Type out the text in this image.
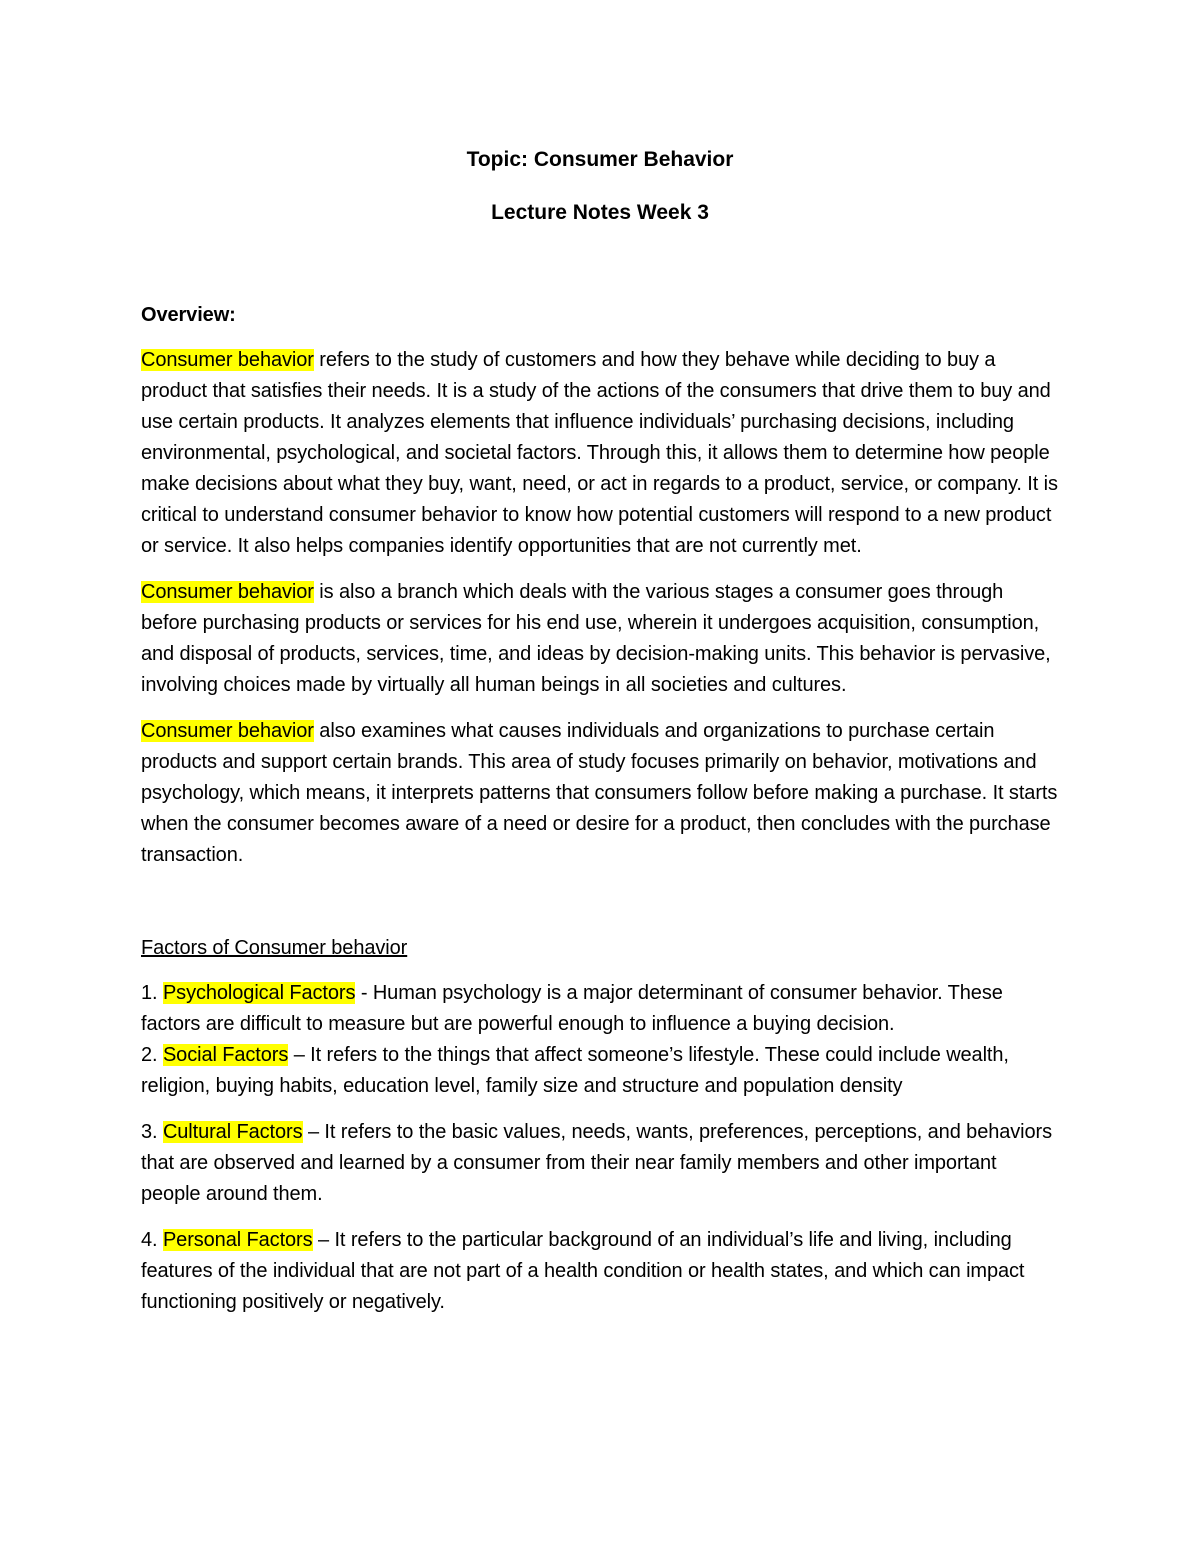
Topic: Consumer Behavior
Lecture Notes Week 3

Overview:

Consumer behavior refers to the study of customers and how they behave while deciding to buy a product that satisfies their needs. It is a study of the actions of the consumers that drive them to buy and use certain products. It analyzes elements that influence individuals’ purchasing decisions, including environmental, psychological, and societal factors. Through this, it allows them to determine how people make decisions about what they buy, want, need, or act in regards to a product, service, or company. It is critical to understand consumer behavior to know how potential customers will respond to a new product or service. It also helps companies identify opportunities that are not currently met.

Consumer behavior is also a branch which deals with the various stages a consumer goes through before purchasing products or services for his end use, wherein it undergoes acquisition, consumption, and disposal of products, services, time, and ideas by decision-making units. This behavior is pervasive, involving choices made by virtually all human beings in all societies and cultures.

Consumer behavior also examines what causes individuals and organizations to purchase certain products and support certain brands. This area of study focuses primarily on behavior, motivations and psychology, which means, it interprets patterns that consumers follow before making a purchase. It starts when the consumer becomes aware of a need or desire for a product, then concludes with the purchase transaction.

Factors of Consumer behavior

1. Psychological Factors - Human psychology is a major determinant of consumer behavior. These factors are difficult to measure but are powerful enough to influence a buying decision.

2. Social Factors – It refers to the things that affect someone’s lifestyle. These could include wealth, religion, buying habits, education level, family size and structure and population density

3. Cultural Factors – It refers to the basic values, needs, wants, preferences, perceptions, and behaviors that are observed and learned by a consumer from their near family members and other important people around them.

4. Personal Factors – It refers to the particular background of an individual’s life and living, including features of the individual that are not part of a health condition or health states, and which can impact functioning positively or negatively.
